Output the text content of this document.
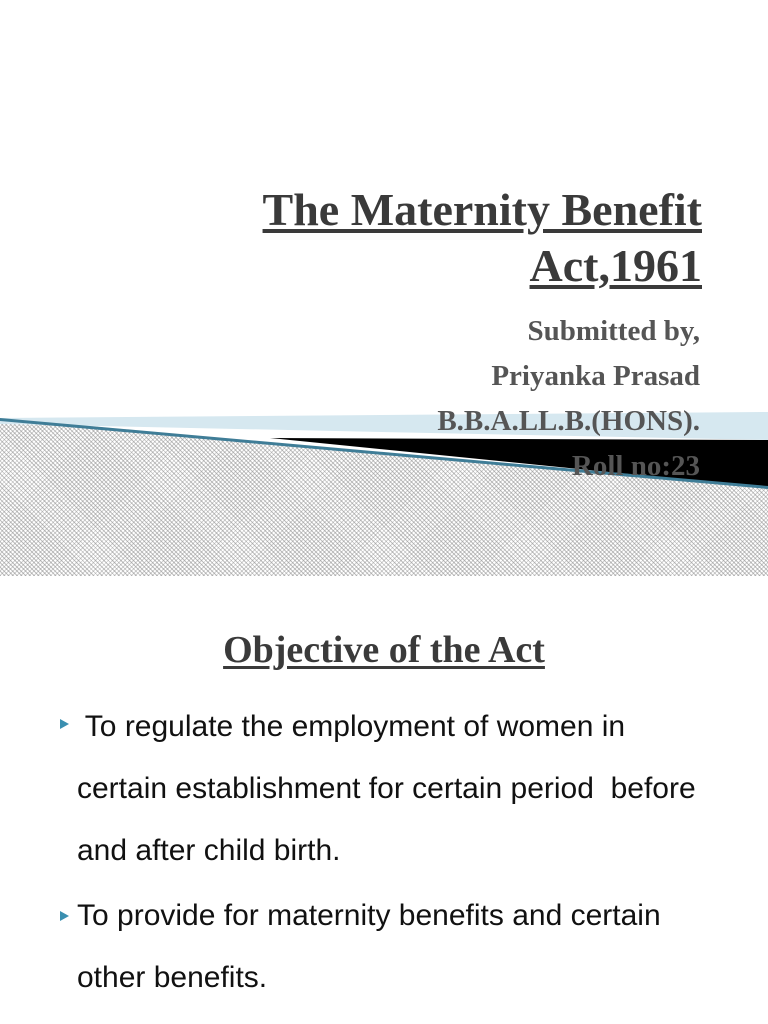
The Maternity Benefit
Act,1961
Submitted by,
Priyanka Prasad
B.B.A.LL.B.(HONS).
Roll no:23
Objective of the Act
To regulate the employment of women in
certain establishment for certain period  before
and after child birth.
To provide for maternity benefits and certain
other benefits.
